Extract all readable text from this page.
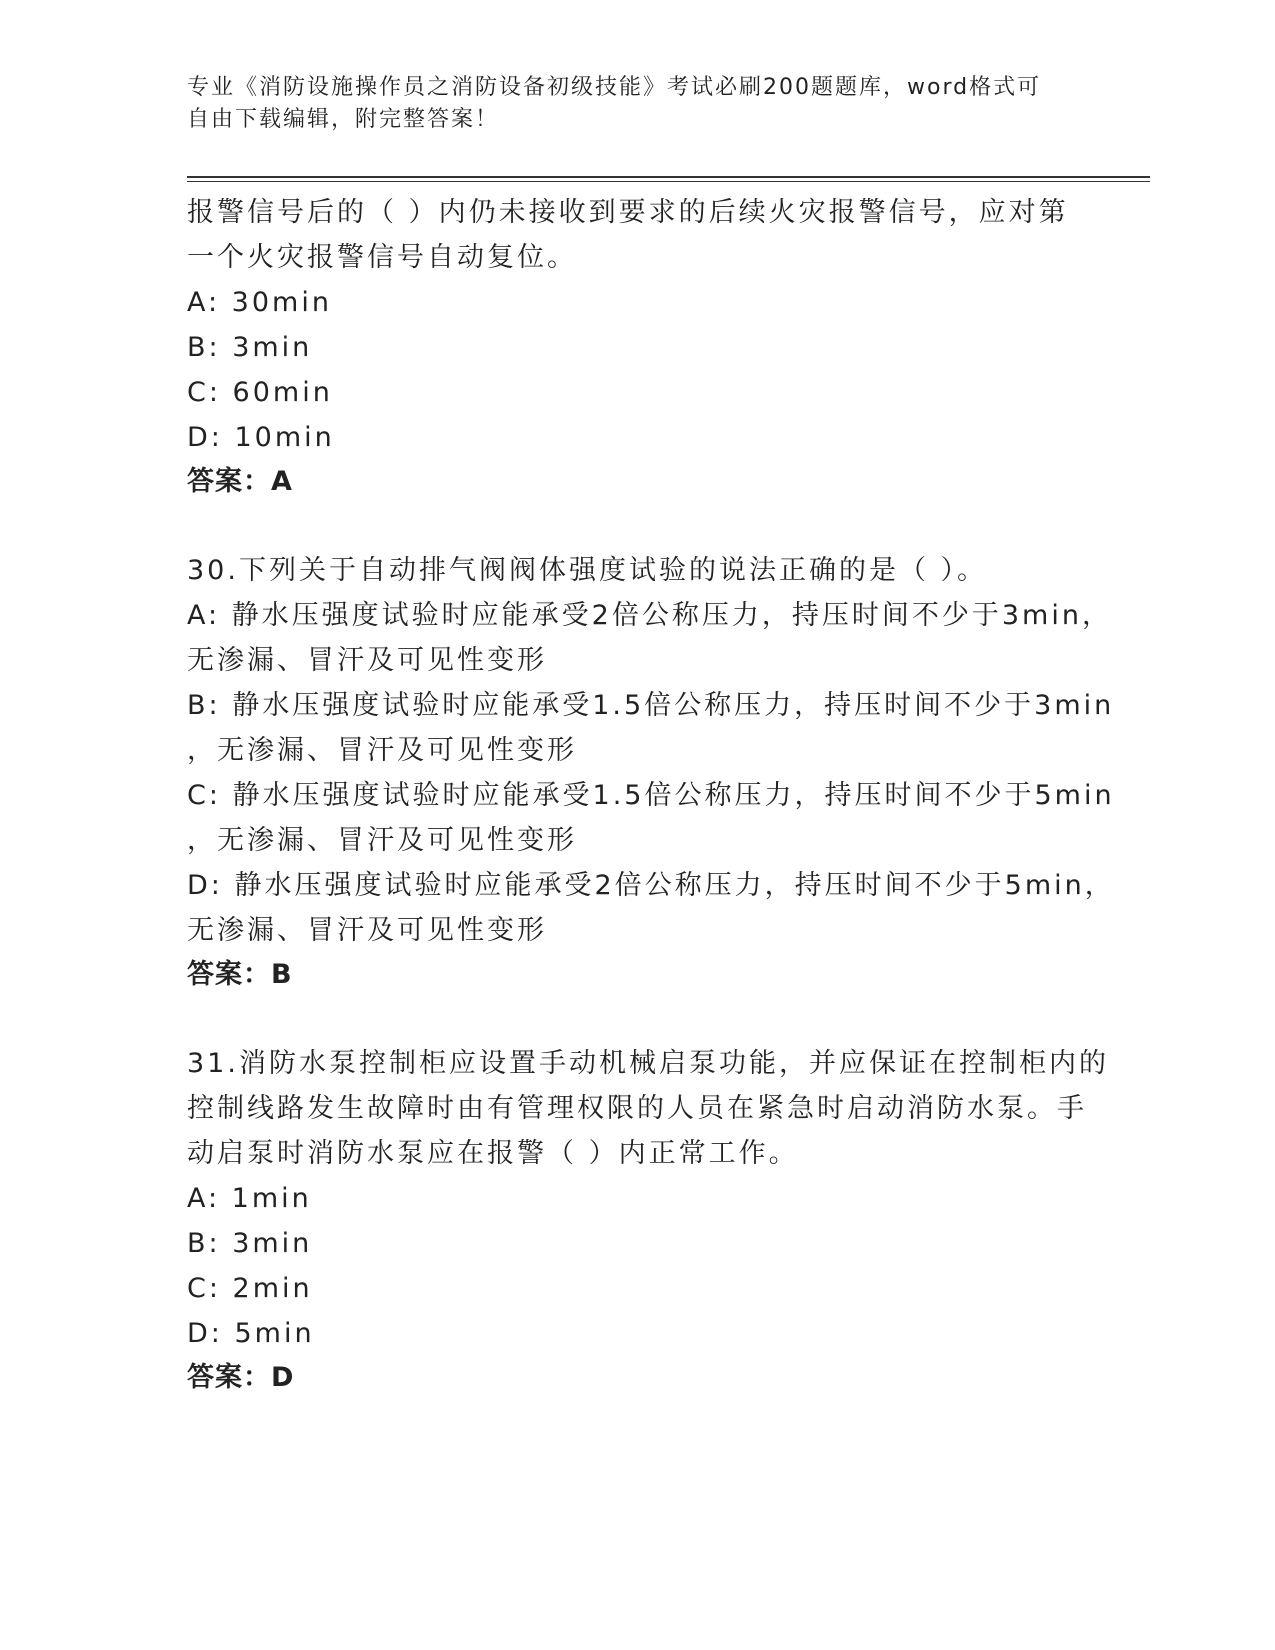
专业《消防设施操作员之消防设备初级技能》考试必刷200题题库，word格式可
自由下载编辑，附完整答案！
报警信号后的（ ）内仍未接收到要求的后续火灾报警信号，应对第
一个火灾报警信号自动复位。
A: 30min
B: 3min
C: 60min
D: 10min
答案：A
30.下列关于自动排气阀阀体强度试验的说法正确的是（ ）。
A: 静水压强度试验时应能承受2倍公称压力，持压时间不少于3min，
无渗漏、冒汗及可见性变形
B: 静水压强度试验时应能承受1.5倍公称压力，持压时间不少于3min
，无渗漏、冒汗及可见性变形
C: 静水压强度试验时应能承受1.5倍公称压力，持压时间不少于5min
，无渗漏、冒汗及可见性变形
D: 静水压强度试验时应能承受2倍公称压力，持压时间不少于5min，
无渗漏、冒汗及可见性变形
答案：B
31.消防水泵控制柜应设置手动机械启泵功能，并应保证在控制柜内的
控制线路发生故障时由有管理权限的人员在紧急时启动消防水泵。手
动启泵时消防水泵应在报警（ ）内正常工作。
A: 1min
B: 3min
C: 2min
D: 5min
答案：D
